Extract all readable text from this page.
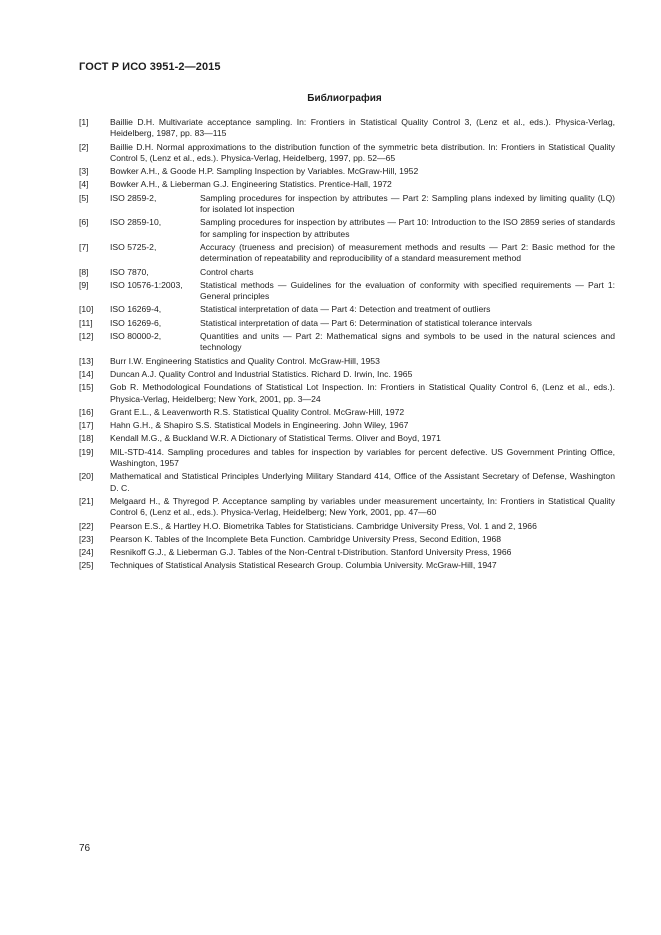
ГОСТ Р ИСО 3951-2—2015
Библиография
[1] Baillie D.H. Multivariate acceptance sampling. In: Frontiers in Statistical Quality Control 3, (Lenz et al., eds.). Physica-Verlag, Heidelberg, 1987, pp. 83—115
[2] Baillie D.H. Normal approximations to the distribution function of the symmetric beta distribution. In: Frontiers in Statistical Quality Control 5, (Lenz et al., eds.). Physica-Verlag, Heidelberg, 1997, pp. 52—65
[3] Bowker A.H., & Goode H.P. Sampling Inspection by Variables. McGraw-Hill, 1952
[4] Bowker A.H., & Lieberman G.J. Engineering Statistics. Prentice-Hall, 1972
[5] ISO 2859-2,	Sampling procedures for inspection by attributes — Part 2: Sampling plans indexed by limiting quality (LQ) for isolated lot inspection
[6] ISO 2859-10,	Sampling procedures for inspection by attributes — Part 10: Introduction to the ISO 2859 series of standards for sampling for inspection by attributes
[7] ISO 5725-2,	Accuracy (trueness and precision) of measurement methods and results — Part 2: Basic method for the determination of repeatability and reproducibility of a standard measurement method
[8] ISO 7870,	Control charts
[9] ISO 10576-1:2003, Statistical methods — Guidelines for the evaluation of conformity with specified requirements — Part 1: General principles
[10] ISO 16269-4,	Statistical interpretation of data — Part 4: Detection and treatment of outliers
[11] ISO 16269-6,	Statistical interpretation of data — Part 6: Determination of statistical tolerance intervals
[12] ISO 80000-2,	Quantities and units — Part 2: Mathematical signs and symbols to be used in the natural sciences and technology
[13] Burr I.W. Engineering Statistics and Quality Control. McGraw-Hill, 1953
[14] Duncan A.J. Quality Control and Industrial Statistics. Richard D. Irwin, Inc. 1965
[15] Gob R. Methodological Foundations of Statistical Lot Inspection. In: Frontiers in Statistical Quality Control 6, (Lenz et al., eds.). Physica-Verlag, Heidelberg; New York, 2001, pp. 3—24
[16] Grant E.L., & Leavenworth R.S. Statistical Quality Control. McGraw-Hill, 1972
[17] Hahn G.H., & Shapiro S.S. Statistical Models in Engineering. John Wiley, 1967
[18] Kendall M.G., & Buckland W.R. A Dictionary of Statistical Terms. Oliver and Boyd, 1971
[19] MIL-STD-414. Sampling procedures and tables for inspection by variables for percent defective. US Government Printing Office, Washington, 1957
[20] Mathematical and Statistical Principles Underlying Military Standard 414, Office of the Assistant Secretary of Defense, Washington D. C.
[21] Melgaard H., & Thyregod P. Acceptance sampling by variables under measurement uncertainty, In: Frontiers in Statistical Quality Control 6, (Lenz et al., eds.). Physica-Verlag, Heidelberg; New York, 2001, pp. 47—60
[22] Pearson E.S., & Hartley H.O. Biometrika Tables for Statisticians. Cambridge University Press, Vol. 1 and 2, 1966
[23] Pearson K. Tables of the Incomplete Beta Function. Cambridge University Press, Second Edition, 1968
[24] Resnikoff G.J., & Lieberman G.J. Tables of the Non-Central t-Distribution. Stanford University Press, 1966
[25] Techniques of Statistical Analysis Statistical Research Group. Columbia University. McGraw-Hill, 1947
76
